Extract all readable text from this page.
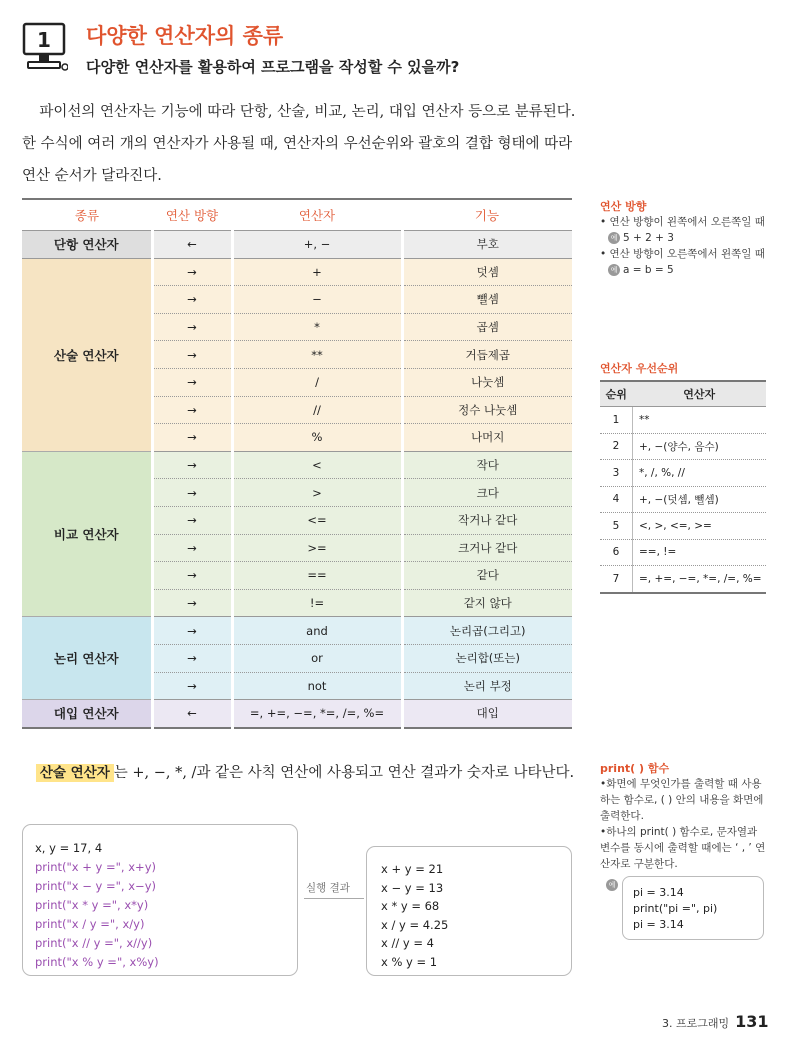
1 다양한 연산자의 종류
다양한 연산자를 활용하여 프로그램을 작성할 수 있을까?

파이선의 연산자는 기능에 따라 단항, 산술, 비교, 논리, 대입 연산자 등으로 분류된다. 한 수식에 여러 개의 연산자가 사용될 때, 연산자의 우선순위와 괄호의 결합 형태에 따라 연산 순서가 달라진다.

종류	연산 방향	연산자	기능
단항 연산자	←	+, −	부호
산술 연산자	→	+	덧셈
	→	−	뺄셈
	→	*	곱셈
	→	**	거듭제곱
	→	/	나눗셈
	→	//	정수 나눗셈
	→	%	나머지
비교 연산자	→	<	작다
	→	>	크다
	→	<=	작거나 같다
	→	>=	크거나 같다
	→	==	같다
	→	!=	같지 않다
논리 연산자	→	and	논리곱(그리고)
	→	or	논리합(또는)
	→	not	논리 부정
대입 연산자	←	=, +=, −=, *=, /=, %=	대입
연산 방향
• 연산 방향이 왼쪽에서 오른쪽일 때
예 5 + 2 + 3
• 연산 방향이 오른쪽에서 왼쪽일 때
예 a = b = 5
연산자 우선순위
순위	연산자
1	**
2	+, −(양수, 음수)
3	*, /, %, //
4	+, −(덧셈, 뺄셈)
5	<, >, <=, >=
6	==, !=
7	=, +=, −=, *=, /=, %=
산술 연산자 는 +, −, *, /과 같은 사칙 연산에 사용되고 연산 결과가 숫자로 나타난다.
x, y = 17, 4
print("x + y =", x+y)
print("x − y =", x−y)
print("x * y =", x*y)
print("x / y =", x/y)
print("x // y =", x//y)
print("x % y =", x%y)
실행 결과
x + y = 21
x − y = 13
x * y = 68
x / y = 4.25
x // y = 4
x % y = 1
print( ) 함수
•화면에 무엇인가를 출력할 때 사용하는 함수로, ( ) 안의 내용을 화면에 출력한다.
•하나의 print( ) 함수로, 문자열과 변수를 동시에 출력할 때에는 ‘ , ’ 연산자로 구분한다.
예
pi = 3.14
print("pi =", pi)
pi = 3.14
3. 프로그래밍 131
